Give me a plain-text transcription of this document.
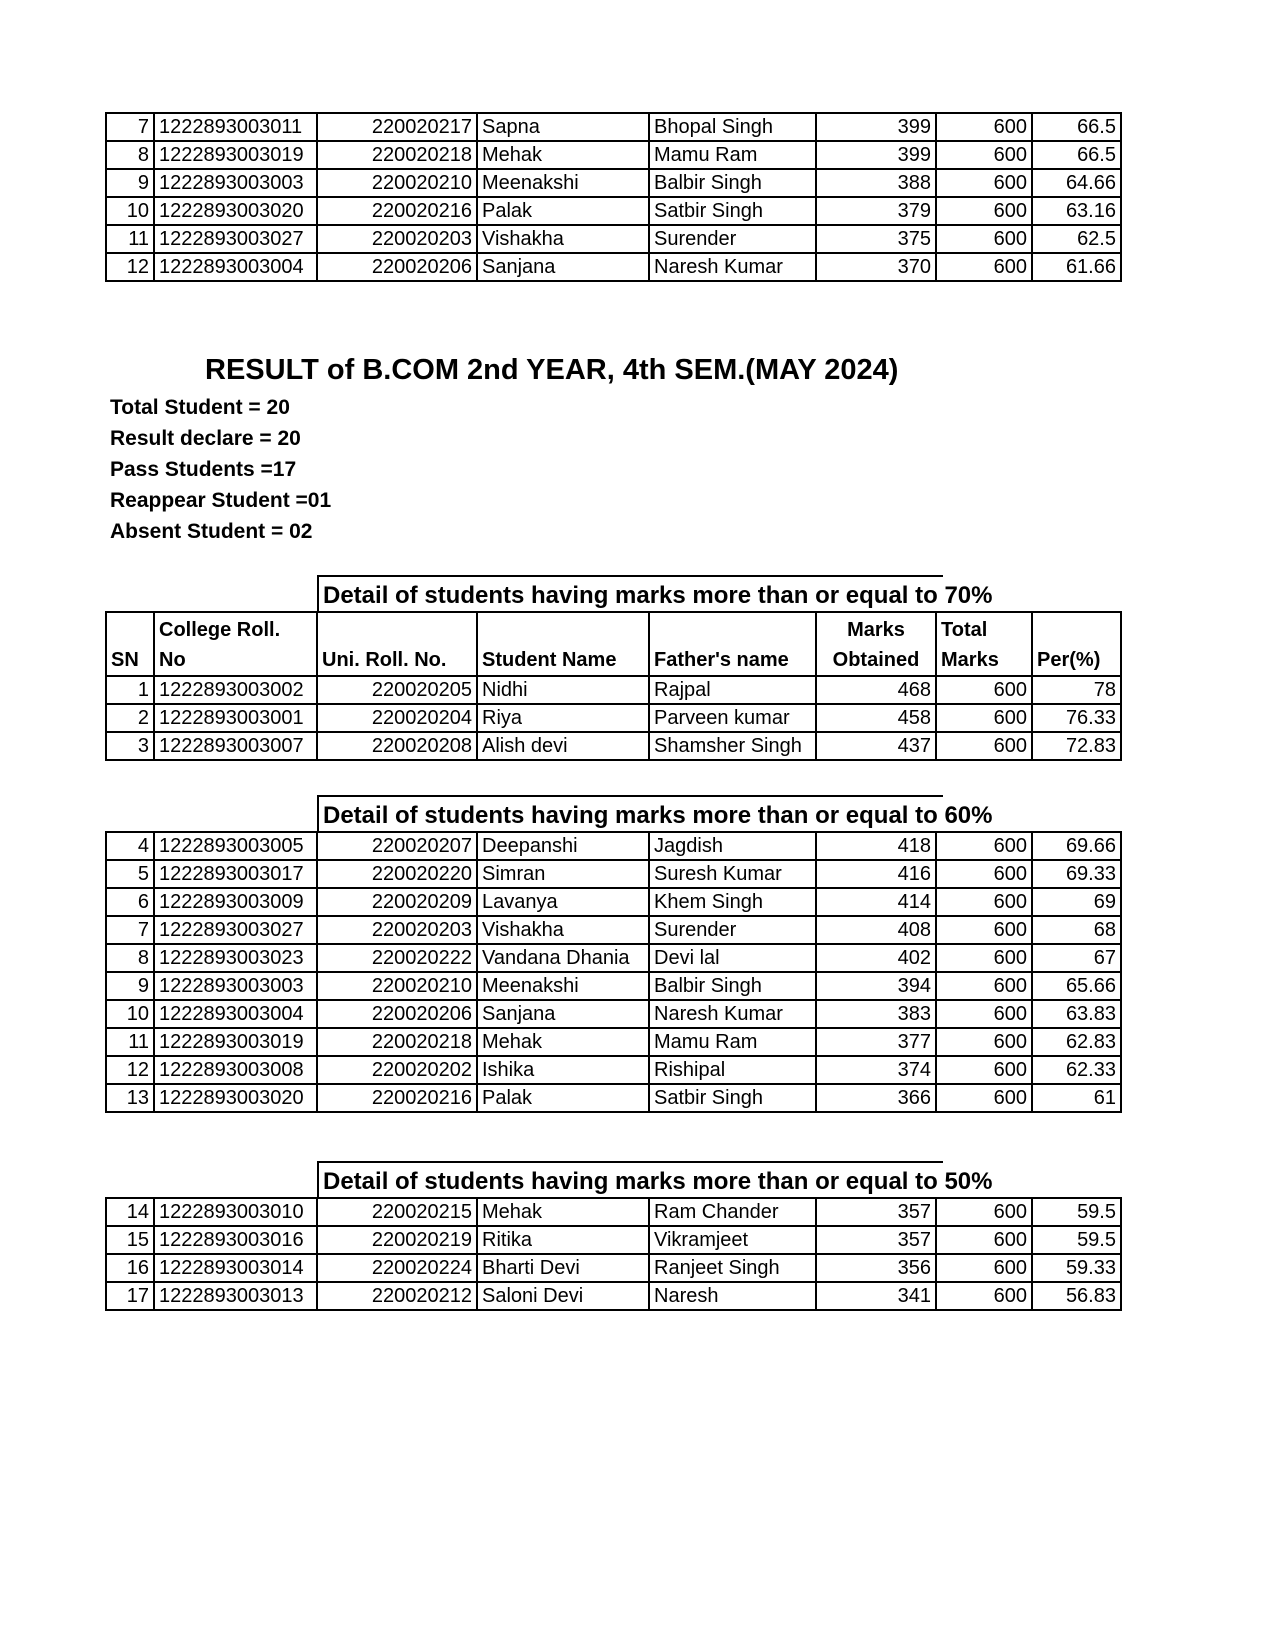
7	1222893003011	220020217	Sapna	Bhopal Singh	399	600	66.5
8	1222893003019	220020218	Mehak	Mamu Ram	399	600	66.5
9	1222893003003	220020210	Meenakshi	Balbir Singh	388	600	64.66
10	1222893003020	220020216	Palak	Satbir Singh	379	600	63.16
11	1222893003027	220020203	Vishakha	Surender	375	600	62.5
12	1222893003004	220020206	Sanjana	Naresh Kumar	370	600	61.66
RESULT of B.COM 2nd YEAR, 4th SEM.(MAY 2024)
Total Student = 20
Result declare = 20
Pass Students =17
Reappear Student =01
Absent Student = 02
Detail of students having marks more than or equal to 70%
SN	College Roll. No	Uni. Roll. No.	Student Name	Father's name	Marks Obtained	Total Marks	Per(%)
1	1222893003002	220020205	Nidhi	Rajpal	468	600	78
2	1222893003001	220020204	Riya	Parveen kumar	458	600	76.33
3	1222893003007	220020208	Alish devi	Shamsher Singh	437	600	72.83
Detail of students having marks more than or equal to 60%
4	1222893003005	220020207	Deepanshi	Jagdish	418	600	69.66
5	1222893003017	220020220	Simran	Suresh Kumar	416	600	69.33
6	1222893003009	220020209	Lavanya	Khem Singh	414	600	69
7	1222893003027	220020203	Vishakha	Surender	408	600	68
8	1222893003023	220020222	Vandana Dhania	Devi lal	402	600	67
9	1222893003003	220020210	Meenakshi	Balbir Singh	394	600	65.66
10	1222893003004	220020206	Sanjana	Naresh Kumar	383	600	63.83
11	1222893003019	220020218	Mehak	Mamu Ram	377	600	62.83
12	1222893003008	220020202	Ishika	Rishipal	374	600	62.33
13	1222893003020	220020216	Palak	Satbir Singh	366	600	61
Detail of students having marks more than or equal to 50%
14	1222893003010	220020215	Mehak	Ram Chander	357	600	59.5
15	1222893003016	220020219	Ritika	Vikramjeet	357	600	59.5
16	1222893003014	220020224	Bharti Devi	Ranjeet Singh	356	600	59.33
17	1222893003013	220020212	Saloni Devi	Naresh	341	600	56.83
